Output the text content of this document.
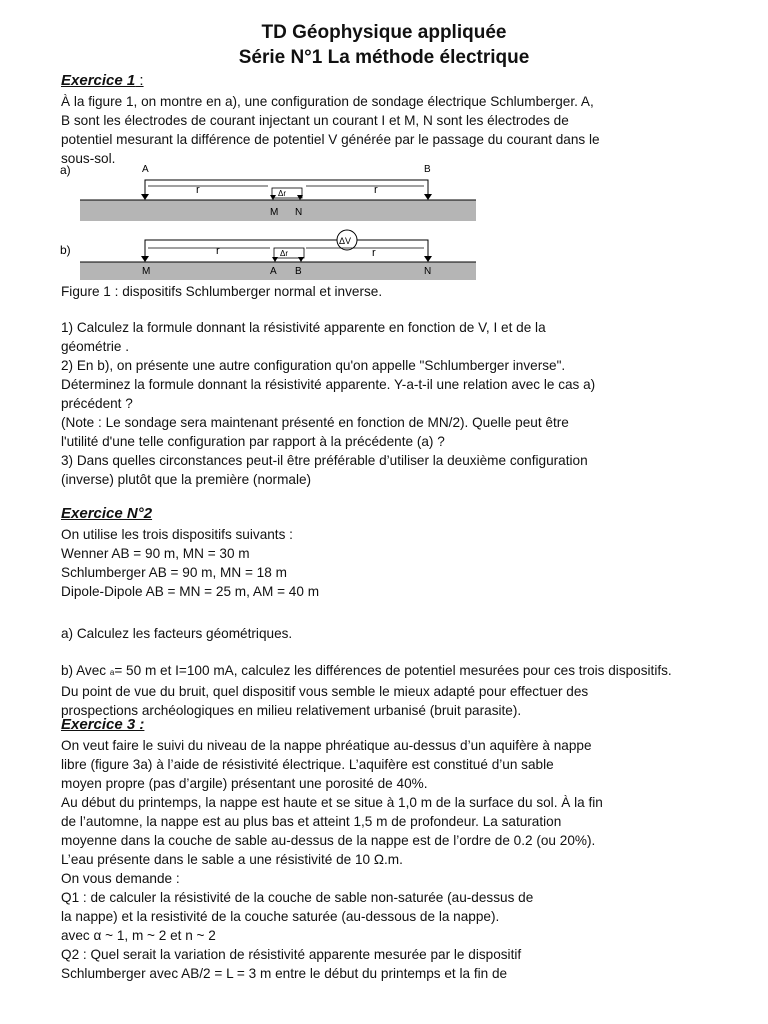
TD Géophysique appliquée
Série N°1 La méthode électrique

Exercice 1 :

À la figure 1, on montre en a), une configuration de sondage électrique Schlumberger. A,
B sont les électrodes de courant injectant un courant I et M, N sont les électrodes de
potentiel mesurant la différence de potentiel V générée par le passage du courant dans le
sous-sol.

a)	A	B
r	r
Δr
M N
b)
ΔV
r	r
Δr
M	A B	N

Figure 1 : dispositifs Schlumberger normal et inverse.

1) Calculez la formule donnant la résistivité apparente en fonction de V, I et de la
géométrie .
2) En b), on présente une autre configuration qu'on appelle "Schlumberger inverse".
Déterminez la formule donnant la résistivité apparente. Y-a-t-il une relation avec le cas a)
précédent ?
(Note : Le sondage sera maintenant présenté en fonction de MN/2). Quelle peut être
l'utilité d'une telle configuration par rapport à la précédente (a) ?
3) Dans quelles circonstances peut-il être préférable d’utiliser la deuxième configuration
(inverse) plutôt que la première (normale)

Exercice N°2

On utilise les trois dispositifs suivants :
Wenner AB = 90 m, MN = 30 m
Schlumberger AB = 90 m, MN = 18 m
Dipole-Dipole AB = MN = 25 m, AM = 40 m

a) Calculez les facteurs géométriques.

b) Avec a= 50 m et I=100 mA, calculez les différences de potentiel mesurées pour ces trois dispositifs.
Du point de vue du bruit, quel dispositif vous semble le mieux adapté pour effectuer des
prospections archéologiques en milieu relativement urbanisé (bruit parasite).

Exercice 3 :

On veut faire le suivi du niveau de la nappe phréatique au-dessus d’un aquifère à nappe
libre (figure 3a) à l’aide de résistivité électrique. L’aquifère est constitué d’un sable
moyen propre (pas d’argile) présentant une porosité de 40%.
Au début du printemps, la nappe est haute et se situe à 1,0 m de la surface du sol. À la fin
de l’automne, la nappe est au plus bas et atteint 1,5 m de profondeur. La saturation
moyenne dans la couche de sable au-dessus de la nappe est de l’ordre de 0.2 (ou 20%).
L’eau présente dans le sable a une résistivité de 10 Ω.m.
On vous demande :
Q1 : de calculer la résistivité de la couche de sable non-saturée (au-dessus de
la nappe) et la resistivité de la couche saturée (au-dessous de la nappe).
avec α ~ 1, m ~ 2 et n ~ 2
Q2 : Quel serait la variation de résistivité apparente mesurée par le dispositif
Schlumberger avec AB/2 = L = 3 m entre le début du printemps et la fin de
